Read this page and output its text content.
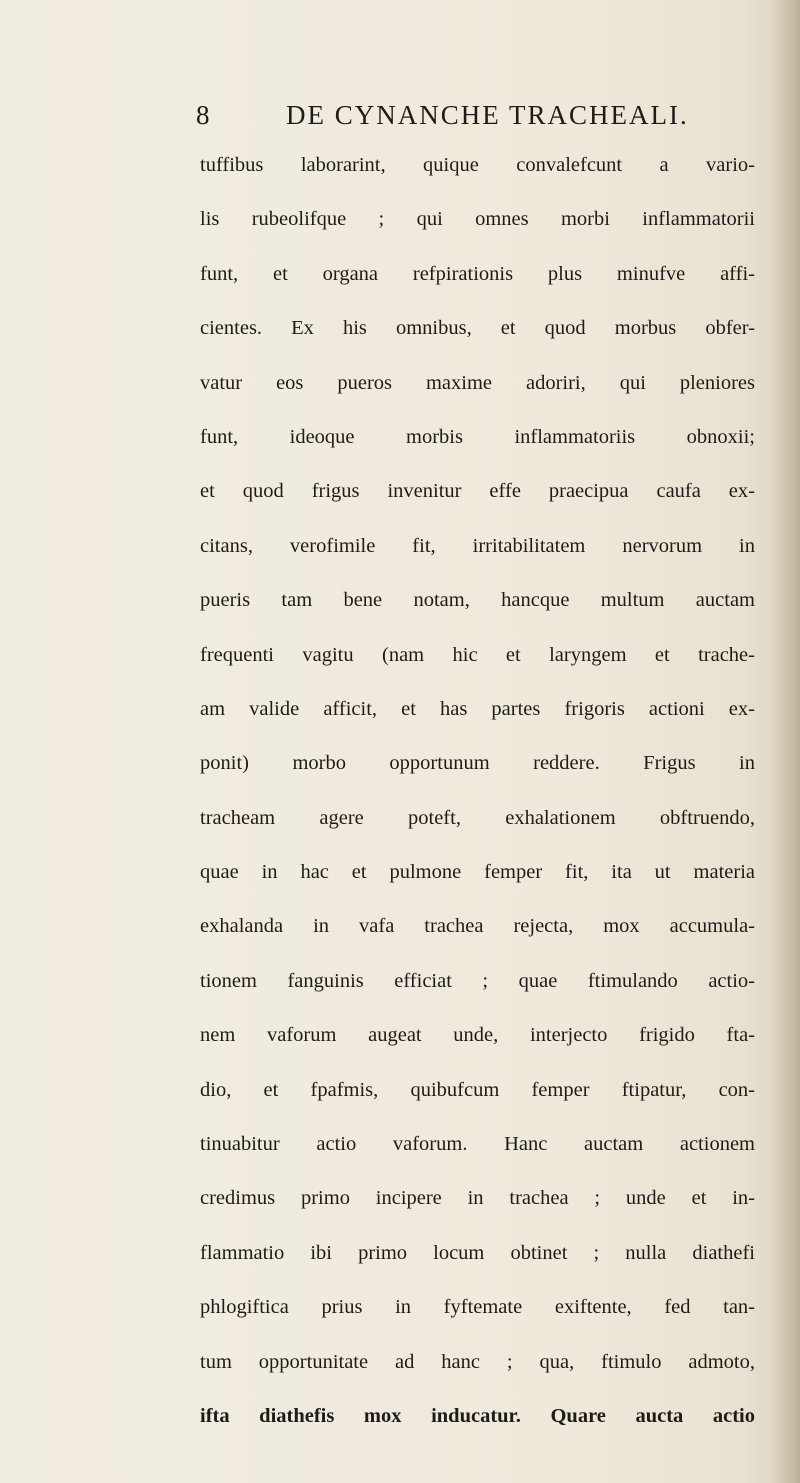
8	DE CYNANCHE TRACHEALI.
tuffibus laborarint, quique convalefcunt a vario-
lis rubeolifque ; qui omnes morbi inflammatorii
funt, et organa refpirationis plus minufve affi-
cientes. Ex his omnibus, et quod morbus obfer-
vatur eos pueros maxime adoriri, qui pleniores
funt, ideoque morbis inflammatoriis obnoxii;
et quod frigus invenitur effe praecipua caufa ex-
citans, verofimile fit, irritabilitatem nervorum in
pueris tam bene notam, hancque multum auctam
frequenti vagitu (nam hic et laryngem et trache-
am valide afficit, et has partes frigoris actioni ex-
ponit) morbo opportunum reddere. Frigus in
tracheam agere poteft, exhalationem obftruendo,
quae in hac et pulmone femper fit, ita ut materia
exhalanda in vafa trachea rejecta, mox accumula-
tionem fanguinis efficiat ; quae ftimulando actio-
nem vaforum augeat unde, interjecto frigido fta-
dio, et fpafmis, quibufcum femper ftipatur, con-
tinuabitur actio vaforum. Hanc auctam actionem
credimus primo incipere in trachea ; unde et in-
flammatio ibi primo locum obtinet ; nulla diathefi
phlogiftica prius in fyftemate exiftente, fed tan-
tum opportunitate ad hanc ; qua, ftimulo admoto,
ifta diathefis mox inducatur. Quare aucta actio
